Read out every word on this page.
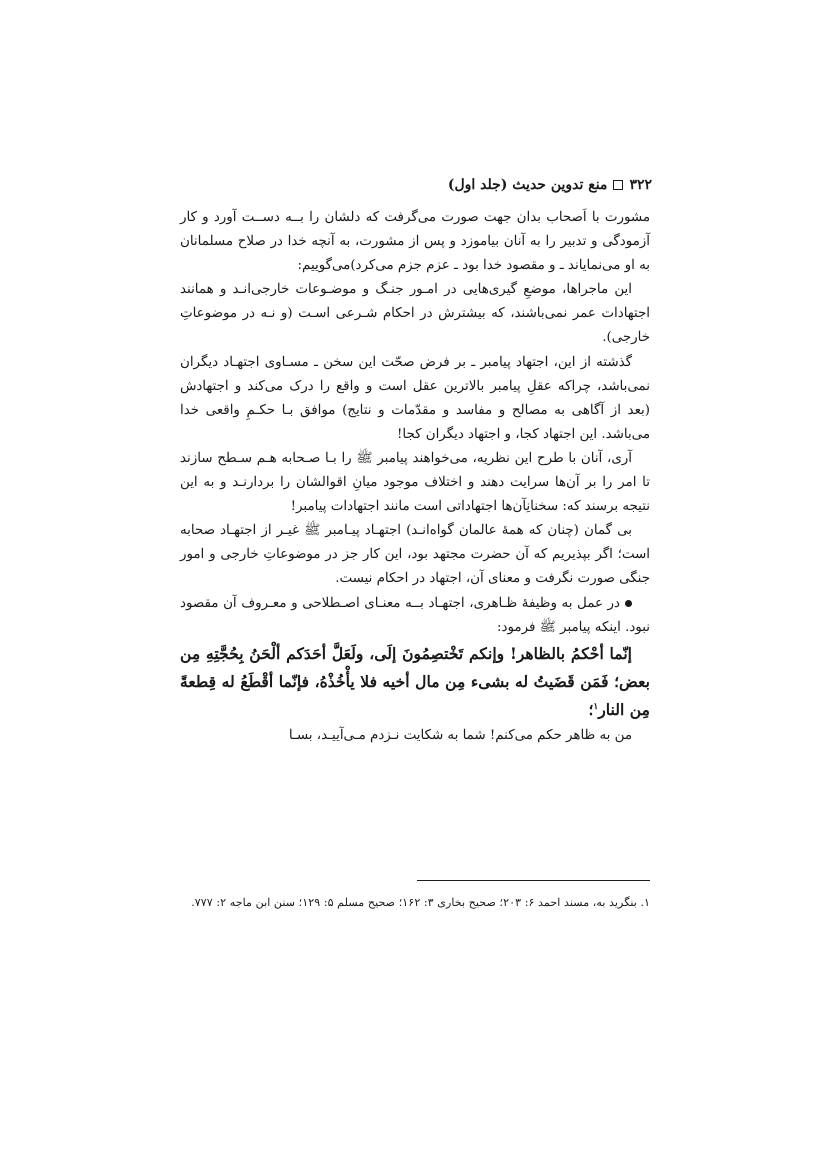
۳۲۲
منع تدوین حدیث (جلد اول)

مشورت با اَصحاب بدان جهت صورت می‌گرفت که دلشان را بــه دســت آورد و کار آزمودگی و تدبیر را به آنان بیاموزد و پس از مشورت، به آنچه خدا در صلاح مسلمانان به او می‌نمایاند ـ و مقصود خدا بود ـ عزم جزم می‌کرد)می‌گوییم:

این ماجراها، موضعِ گیری‌هایی در امـور جنـگ و موضـوعات خارجی‌انـد و همانند اجتهادات عمر نمی‌باشند، که بیشترش در احکام شـرعی اسـت (و نـه در موضوعاتِ خارجی).

گذشته از این، اجتهاد پیامبر ـ بر فرض صحّت این سخن ـ مسـاوی اجتهـاد دیگران نمی‌باشد، چراکه عقلِ پیامبر بالاترین عقل است و واقع را درک می‌کند و اجتهادش (بعد از آگاهی به مصالح و مفاسد و مقدّمات و نتایج) موافق بـا حکـمِ واقعی خدا می‌باشد. این اجتهاد کجا، و اجتهاد دیگران کجا!

آری، آنان با طرح این نظریه، می‌خواهند پیامبر ﷺ را بـا صـحابه هـم سـطح سازند تا امر را بر آن‌ها سرایت دهند و اختلاف موجود میانِ اقوالشان را بردارنـد و به این نتیجه برسند که: سخنانِآن‌ها اجتهاداتی است مانند اجتهادات پیامبر!

بی گمان (چنان که همهٔ عالمان گواه‌انـد) اجتهـاد پیـامبر ﷺ غیـر از اجتهـاد صحابه است؛ اگر بپذیریم که آن حضرت مجتهد بود، این کار جز در موضوعاتِ خارجی و امور جنگی صورت نگرفت و معنای آن، اجتهاد در احکام نیست.

در عمل به وظیفهٔ ظـاهری، اجتهـاد بــه معنـای اصـطلاحی و معـروف آن مقصود نبود. اینکه پیامبر ﷺ فرمود:

إنّما أحْكمُ بالظاهر! وإنكم تَخْتصِمُونَ إلَى، ولَعَلَّ أحَدَكم ألْحَنُ بِحُجَّتِهِ مِن بعض؛ فَمَن قَضَيتُ له بشىء مِن مال أخيه فلا يأْخُذْهُ، فإنّما أقْطَعُ له قِطعةً مِن النار$^۱$؛

من به ظاهر حکم می‌کنم! شما به شکایت نـزدم مـی‌آییـد، بسـا

۱. بنگرید به، مسند احمد ۶: ۲۰۳؛ صحیح بخاری ۳: ۱۶۲؛ صحیح مسلم ۵: ۱۲۹؛ سنن ابن ماجه ۲: ۷۷۷.
